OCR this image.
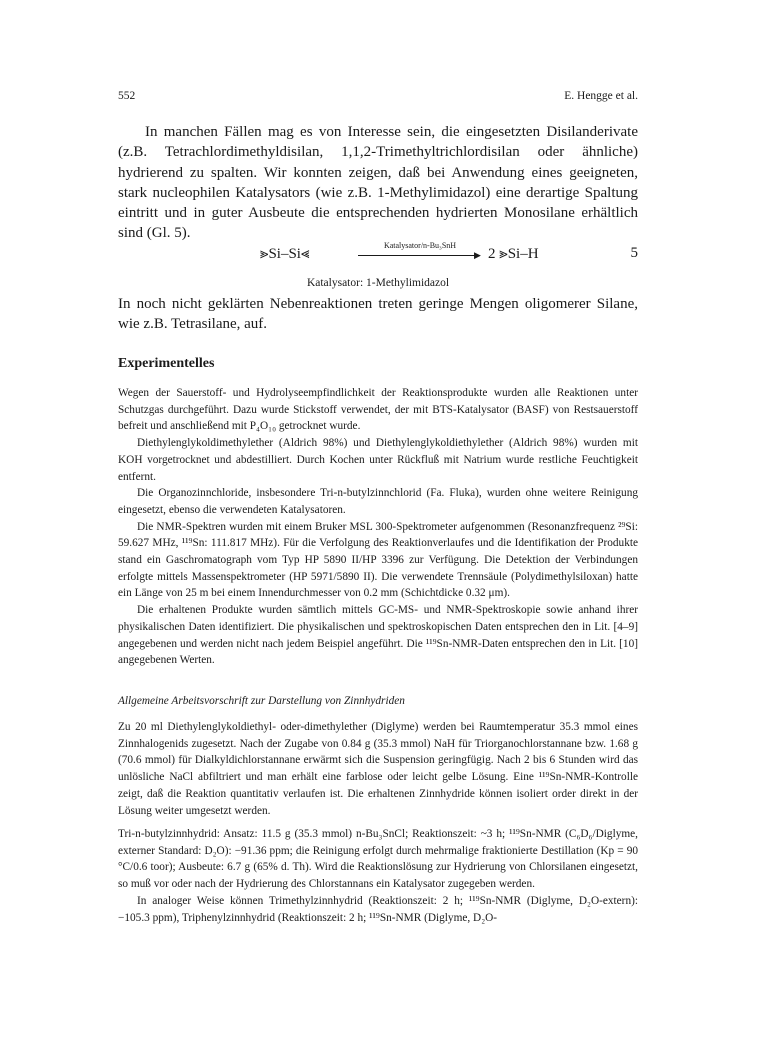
552	E. Hengge et al.

In manchen Fällen mag es von Interesse sein, die eingesetzten Disilanderivate (z.B. Tetrachlordimethyldisilan, 1,1,2-Trimethyltrichlordisilan oder ähnliche) hydrierend zu spalten. Wir konnten zeigen, daß bei Anwendung eines geeigneten, stark nucleophilen Katalysators (wie z.B. 1-Methylimidazol) eine derartige Spaltung eintritt und in guter Ausbeute die entsprechenden hydrierten Monosilane erhältlich sind (Gl. 5).

⪢Si–Si⪡
Katalysator/n-Bu₃SnH
▶ 2 ⪢Si–H	5
Katalysator: 1-Methylimidazol

In noch nicht geklärten Nebenreaktionen treten geringe Mengen oligomerer Silane, wie z.B. Tetrasilane, auf.

Experimentelles

Wegen der Sauerstoff- und Hydrolyseempfindlichkeit der Reaktionsprodukte wurden alle Reaktionen unter Schutzgas durchgeführt. Dazu wurde Stickstoff verwendet, der mit BTS-Katalysator (BASF) von Restsauerstoff befreit und anschließend mit P₄O₁₀ getrocknet wurde.

Diethylenglykoldimethylether (Aldrich 98%) und Diethylenglykoldiethylether (Aldrich 98%) wurden mit KOH vorgetrocknet und abdestilliert. Durch Kochen unter Rückfluß mit Natrium wurde restliche Feuchtigkeit entfernt.

Die Organozinnchloride, insbesondere Tri-n-butylzinnchlorid (Fa. Fluka), wurden ohne weitere Reinigung eingesetzt, ebenso die verwendeten Katalysatoren.

Die NMR-Spektren wurden mit einem Bruker MSL 300-Spektrometer aufgenommen (Resonanzfrequenz ²⁹Si: 59.627 MHz, ¹¹⁹Sn: 111.817 MHz). Für die Verfolgung des Reaktionverlaufes und die Identifikation der Produkte stand ein Gaschromatograph vom Typ HP 5890 II/HP 3396 zur Verfügung. Die Detektion der Verbindungen erfolgte mittels Massenspektrometer (HP 5971/5890 II). Die verwendete Trennsäule (Polydimethylsiloxan) hatte ein Länge von 25 m bei einem Innendurchmesser von 0.2 mm (Schichtdicke 0.32 μm).

Die erhaltenen Produkte wurden sämtlich mittels GC-MS- und NMR-Spektroskopie sowie anhand ihrer physikalischen Daten identifiziert. Die physikalischen und spektroskopischen Daten entsprechen den in Lit. [4–9] angegebenen und werden nicht nach jedem Beispiel angeführt. Die ¹¹⁹Sn-NMR-Daten entsprechen den in Lit. [10] angegebenen Werten.

Allgemeine Arbeitsvorschrift zur Darstellung von Zinnhydriden

Zu 20 ml Diethylenglykoldiethyl- oder-dimethylether (Diglyme) werden bei Raumtemperatur 35.3 mmol eines Zinnhalogenids zugesetzt. Nach der Zugabe von 0.84 g (35.3 mmol) NaH für Triorganochlorstannane bzw. 1.68 g (70.6 mmol) für Dialkyldichlorstannane erwärmt sich die Suspension geringfügig. Nach 2 bis 6 Stunden wird das unlösliche NaCl abfiltriert und man erhält eine farblose oder leicht gelbe Lösung. Eine ¹¹⁹Sn-NMR-Kontrolle zeigt, daß die Reaktion quantitativ verlaufen ist. Die erhaltenen Zinnhydride können isoliert order direkt in der Lösung weiter umgesetzt werden.

Tri-n-butylzinnhydrid: Ansatz: 11.5 g (35.3 mmol) n-Bu₃SnCl; Reaktionszeit: ~3 h; ¹¹⁹Sn-NMR (C₆D₆/Diglyme, externer Standard: D₂O): −91.36 ppm; die Reinigung erfolgt durch mehrmalige fraktionierte Destillation (Kp = 90 °C/0.6 toor); Ausbeute: 6.7 g (65% d. Th). Wird die Reaktionslösung zur Hydrierung von Chlorsilanen eingesetzt, so muß vor oder nach der Hydrierung des Chlorstannans ein Katalysator zugegeben werden.

In analoger Weise können Trimethylzinnhydrid (Reaktionszeit: 2 h; ¹¹⁹Sn-NMR (Diglyme, D₂O-extern): −105.3 ppm), Triphenylzinnhydrid (Reaktionszeit: 2 h; ¹¹⁹Sn-NMR (Diglyme, D₂O-
